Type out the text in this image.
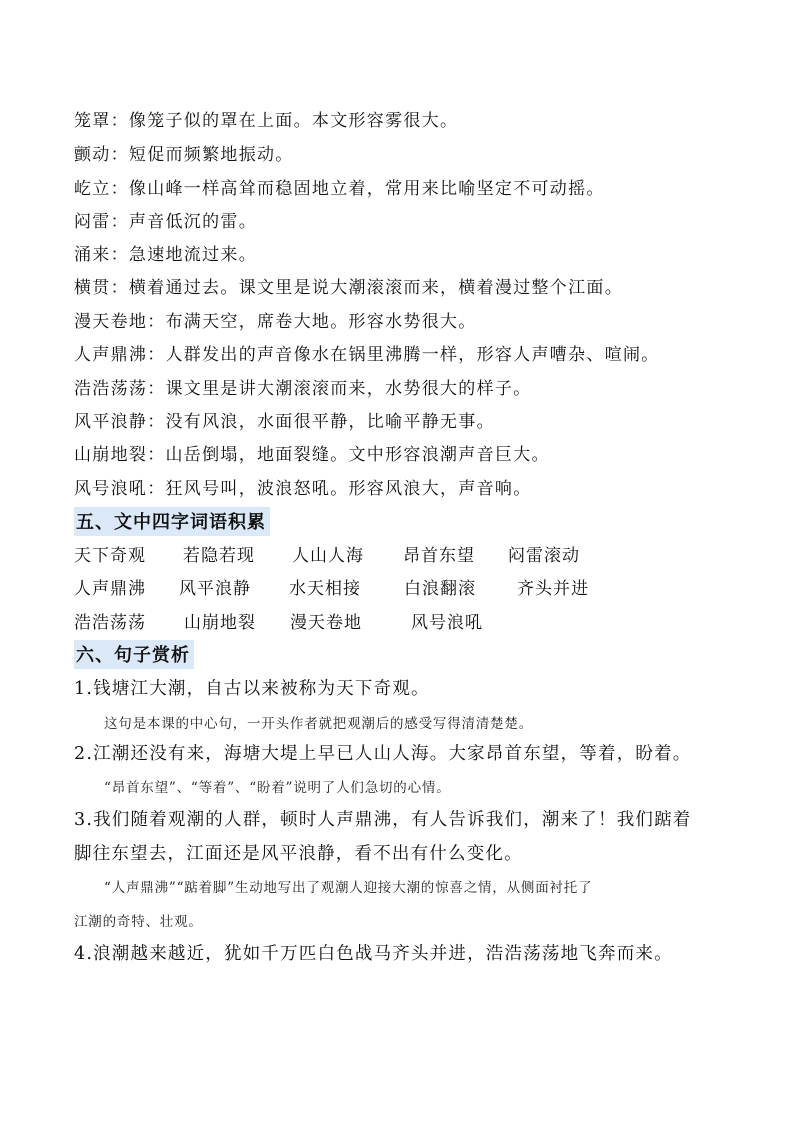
笼罩：像笼子似的罩在上面。本文形容雾很大。
颤动：短促而频繁地振动。
屹立：像山峰一样高耸而稳固地立着，常用来比喻坚定不可动摇。
闷雷：声音低沉的雷。
涌来：急速地流过来。
横贯：横着通过去。课文里是说大潮滚滚而来，横着漫过整个江面。
漫天卷地：布满天空，席卷大地。形容水势很大。
人声鼎沸：人群发出的声音像水在锅里沸腾一样，形容人声嘈杂、喧闹。
浩浩荡荡：课文里是讲大潮滚滚而来，水势很大的样子。
风平浪静：没有风浪，水面很平静，比喻平静无事。
山崩地裂：山岳倒塌，地面裂缝。文中形容浪潮声音巨大。
风号浪吼：狂风号叫，波浪怒吼。形容风浪大，声音响。
五、文中四字词语积累
天下奇观 若隐若现 人山人海 昂首东望 闷雷滚动
人声鼎沸 风平浪静 水天相接	白浪翻滚 齐头并进
浩浩荡荡 山崩地裂 漫天卷地	风号浪吼
六、句子赏析
1.钱塘江大潮，自古以来被称为天下奇观。
这句是本课的中心句，一开头作者就把观潮后的感受写得清清楚楚。
2.江潮还没有来，海塘大堤上早已人山人海。大家昂首东望，等着，盼着。
“昂首东望”、“等着”、“盼着”说明了人们急切的心情。
3.我们随着观潮的人群，顿时人声鼎沸，有人告诉我们，潮来了！我们踮着
脚往东望去，江面还是风平浪静，看不出有什么变化。
“人声鼎沸”“踮着脚”生动地写出了观潮人迎接大潮的惊喜之情，从侧面衬托了
江潮的奇特、壮观。
4.浪潮越来越近，犹如千万匹白色战马齐头并进，浩浩荡荡地飞奔而来。
